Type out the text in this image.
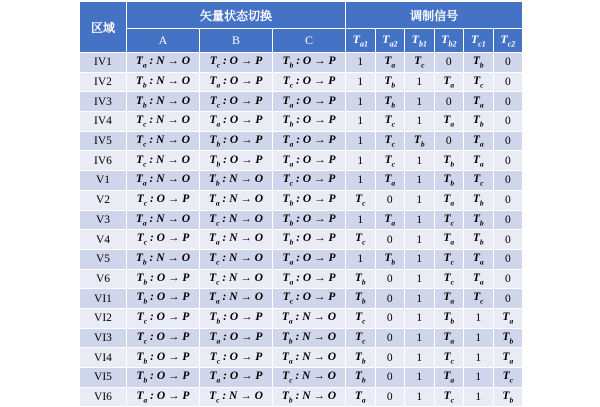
区域	矢量状态切换			调制信号					
	A	B	C	$T_{a1}$	$T_{a2}$	$T_{b1}$	$T_{b2}$	$T_{c1}$	$T_{c2}$
IV1	$T_a$ : N → O	$T_c$ : O → P	$T_b$ : O → P	1	$T_a$	$T_c$	0	$T_b$	0
IV2	$T_b$ : N → O	$T_a$ : O → P	$T_c$ : O → P	1	$T_b$	1	$T_a$	$T_c$	0
IV3	$T_b$ : N → O	$T_c$ : O → P	$T_a$ : O → P	1	$T_b$	1	0	$T_a$	0
IV4	$T_c$ : N → O	$T_a$ : O → P	$T_b$ : O → P	1	$T_c$	1	$T_a$	$T_b$	0
IV5	$T_c$ : N → O	$T_b$ : O → P	$T_a$ : O → P	1	$T_c$	$T_b$	0	$T_a$	0
IV6	$T_c$ : N → O	$T_b$ : O → P	$T_a$ : O → P	1	$T_c$	1	$T_b$	$T_a$	0
V1	$T_a$ : N → O	$T_b$ : N → O	$T_c$ : O → P	1	$T_a$	1	$T_b$	$T_c$	0
V2	$T_c$ : O → P	$T_a$ : N → O	$T_b$ : O → P	$T_c$	0	1	$T_a$	$T_b$	0
V3	$T_a$ : N → O	$T_c$ : N → O	$T_b$ : O → P	1	$T_a$	1	$T_c$	$T_b$	0
V4	$T_c$ : O → P	$T_a$ : N → O	$T_b$ : O → P	$T_c$	0	1	$T_a$	$T_b$	0
V5	$T_b$ : N → O	$T_c$ : N → O	$T_a$ : O → P	1	$T_b$	1	$T_c$	$T_a$	0
V6	$T_b$ : O → P	$T_c$ : N → O	$T_a$ : O → P	$T_b$	0	1	$T_c$	$T_a$	0
VI1	$T_b$ : O → P	$T_a$ : N → O	$T_c$ : O → P	$T_b$	0	1	$T_a$	$T_c$	0
VI2	$T_c$ : O → P	$T_b$ : O → P	$T_a$ : N → O	$T_c$	0	1	$T_b$	1	$T_a$
VI3	$T_c$ : O → P	$T_a$ : O → P	$T_b$ : N → O	$T_c$	0	1	$T_a$	1	$T_b$
VI4	$T_b$ : O → P	$T_c$ : O → P	$T_a$ : N → O	$T_b$	0	1	$T_c$	1	$T_a$
VI5	$T_b$ : O → P	$T_a$ : O → P	$T_c$ : N → O	$T_b$	0	1	$T_a$	1	$T_c$
VI6	$T_a$ : O → P	$T_c$ : N → O	$T_b$ : N → O	$T_a$	0	1	$T_c$	1	$T_b$
